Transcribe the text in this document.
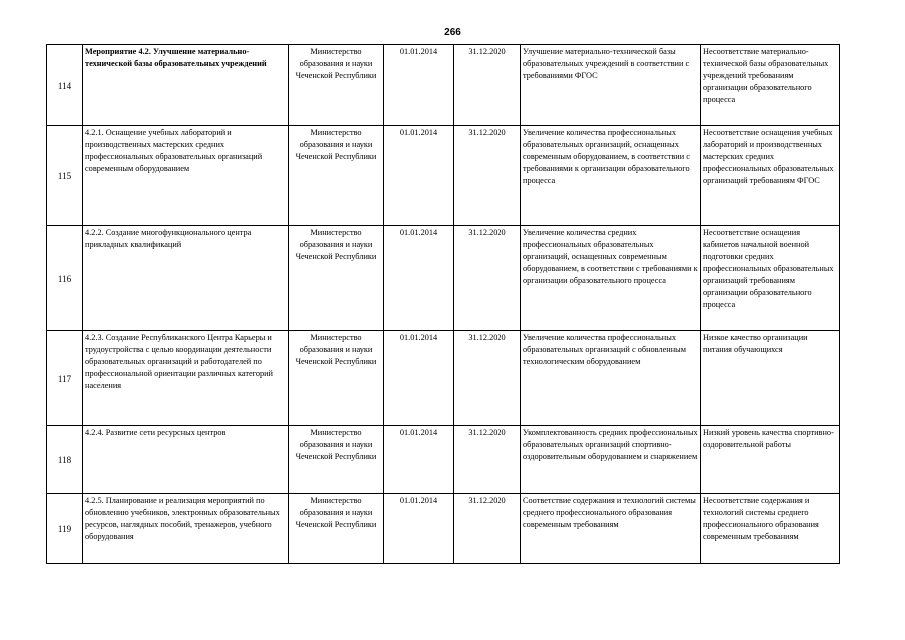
266
114	Мероприятие 4.2. Улучшение материально-технической базы образовательных учреждений	Министерство образования и науки Чеченской Республики	01.01.2014	31.12.2020	Улучшение материально-технической базы образовательных учреждений в соответствии с требованиями ФГОС	Несоответствие материально-технической базы образовательных учреждений требованиям организации образовательного процесса
115	4.2.1. Оснащение учебных лабораторий и производственных мастерских средних профессиональных образовательных организаций современным оборудованием	Министерство образования и науки Чеченской Республики	01.01.2014	31.12.2020	Увеличение количества профессиональных образовательных организаций, оснащенных современным оборудованием, в соответствии с требованиями к организации образовательного процесса	Несоответствие оснащения учебных лабораторий и производственных мастерских средних профессиональных образовательных организаций требованиям ФГОС
116	4.2.2. Создание многофункционального центра прикладных квалификаций	Министерство образования и науки Чеченской Республики	01.01.2014	31.12.2020	Увеличение количества средних профессиональных образовательных организаций, оснащенных современным оборудованием, в соответствии с требованиями к организации образовательного процесса	Несоответствие оснащения кабинетов начальной военной подготовки средних профессиональных образовательных организаций требованиям организации образовательного процесса
117	4.2.3. Создание Республиканского Центра Карьеры и трудоустройства с целью координации деятельности образовательных организаций и работодателей по профессиональной ориентации различных категорий населения	Министерство образования и науки Чеченской Республики	01.01.2014	31.12.2020	Увеличение количества профессиональных образовательных организаций с обновленным технологическим оборудованием	Низкое качество организации питания обучающихся
118	4.2.4. Развитие сети ресурсных центров	Министерство образования и науки Чеченской Республики	01.01.2014	31.12.2020	Укомплектованность средних профессиональных образовательных организаций спортивно-оздоровительным оборудованием и снаряжением	Низкий уровень качества спортивно-оздоровительной работы
119	4.2.5. Планирование и реализация мероприятий по обновлению учебников, электронных образовательных ресурсов, наглядных пособий, тренажеров, учебного оборудования	Министерство образования и науки Чеченской Республики	01.01.2014	31.12.2020	Соответствие содержания и технологий системы среднего профессионального образования современным требованиям	Несоответствие содержания и технологий системы среднего профессионального образования современным требованиям
